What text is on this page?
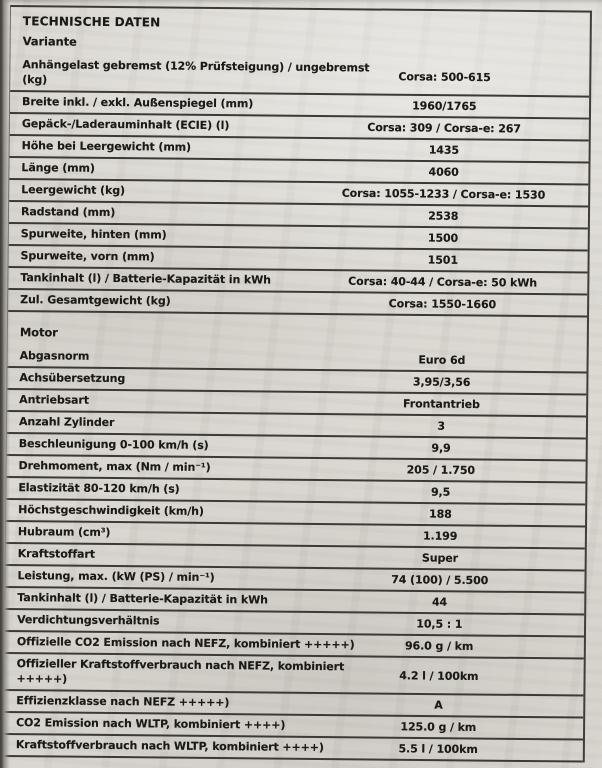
TECHNISCHE DATEN
Variante
Anhängelast gebremst (12% Prüfsteigung) / ungebremst (kg)	Corsa: 500-615
Breite inkl. / exkl. Außenspiegel (mm)	1960/1765
Gepäck-/Laderauminhalt (ECIE) (l)	Corsa: 309 / Corsa-e: 267
Höhe bei Leergewicht (mm)	1435
Länge (mm)	4060
Leergewicht (kg)	Corsa: 1055-1233 / Corsa-e: 1530
Radstand (mm)	2538
Spurweite, hinten (mm)	1500
Spurweite, vorn (mm)	1501
Tankinhalt (l) / Batterie-Kapazität in kWh	Corsa: 40-44 / Corsa-e: 50 kWh
Zul. Gesamtgewicht (kg)	Corsa: 1550-1660
Motor
Abgasnorm	Euro 6d
Achsübersetzung	3,95/3,56
Antriebsart	Frontantrieb
Anzahl Zylinder	3
Beschleunigung 0-100 km/h (s)	9,9
Drehmoment, max (Nm / min⁻¹)	205 / 1.750
Elastizität 80-120 km/h (s)	9,5
Höchstgeschwindigkeit (km/h)	188
Hubraum (cm³)	1.199
Kraftstoffart	Super
Leistung, max. (kW (PS) / min⁻¹)	74 (100) / 5.500
Tankinhalt (l) / Batterie-Kapazität in kWh	44
Verdichtungsverhältnis	10,5 : 1
Offizielle CO2 Emission nach NEFZ, kombiniert +++++)	96.0 g / km
Offizieller Kraftstoffverbrauch nach NEFZ, kombiniert +++++)	4.2 l / 100km
Effizienzklasse nach NEFZ +++++)	A
CO2 Emission nach WLTP, kombiniert ++++)	125.0 g / km
Kraftstoffverbrauch nach WLTP, kombiniert ++++)	5.5 l / 100km
